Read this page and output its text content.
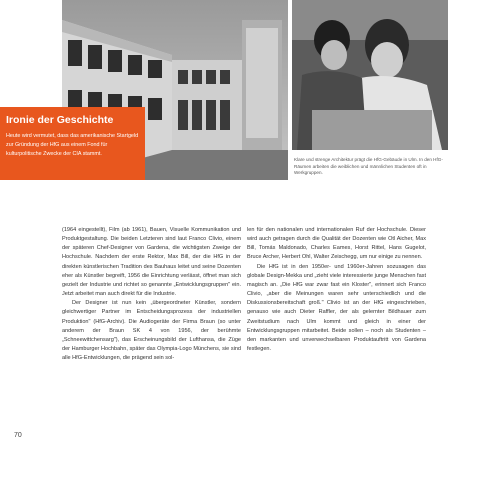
Ironie der Geschichte
Heute wird vermutet, dass das amerikanische Startgeld zur Gründung der HfG aus einem Fond für kulturpolitische Zwecke der CIA stammt.
Klare und strenge Architektur prägt die HfG-Gebäude in Ulm. In den HfG-Räumen arbeiten die weiblichen und männlichen Studenten oft in Werkgruppen.

(1964 eingestellt), Film (ab 1961), Bauen, Visuelle Kommunikation und Produktgestaltung. Die beiden Letzteren sind laut Franco Clivio, einem der späteren Chef-Designer von Gardena, die wichtigsten Zweige der Hochschule. Nachdem der erste Rektor, Max Bill, der die HfG in der direkten künstlerischen Tradition des Bauhaus leitet und seine Dozenten eher als Künstler begreift, 1956 die Einrichtung verlässt, öffnet man sich gezielt der Industrie und richtet so genannte „Entwicklungsgruppen" ein. Jetzt arbeitet man auch direkt für die Industrie.

Der Designer ist nun kein „übergeordneter Künstler, sondern gleichwertiger Partner im Entscheidungsprozess der industriellen Produktion" (HfG-Archiv). Die Audiogeräte der Firma Braun (so unter anderem der Braun SK 4 von 1956, der berühmte „Schneewittchensarg"), das Erscheinungsbild der Lufthansa, die Züge der Hamburger Hochbahn, später das Olympia-Logo Münchens, sie sind alle HfG-Entwicklungen, die prägend sein sol-

len für den nationalen und internationalen Ruf der Hochschule. Dieser wird auch getragen durch die Qualität der Dozenten wie Otl Aicher, Max Bill, Tomás Maldonado, Charles Eames, Horst Rittel, Hans Gugelot, Bruce Archer, Herbert Ohl, Walter Zeischegg, um nur einige zu nennen.

Die HfG ist in den 1950er- und 1960er-Jahren sozusagen das globale Design-Mekka und „zieht viele interessierte junge Menschen fast magisch an. „Die HfG war zwar fast ein Kloster", erinnert sich Franco Clivio, „aber die Meinungen waren sehr unterschiedlich und die Diskussionsbereitschaft groß." Clivio ist an der HfG eingeschrieben, genauso wie auch Dieter Raffler, der als gelernter Bildhauer zum Zweitstudium nach Ulm kommt und gleich in einer der Entwicklungsgruppen mitarbeitet. Beide sollen – noch als Studenten – den markanten und unverwechselbaren Produktauftritt von Gardena festlegen.

70
